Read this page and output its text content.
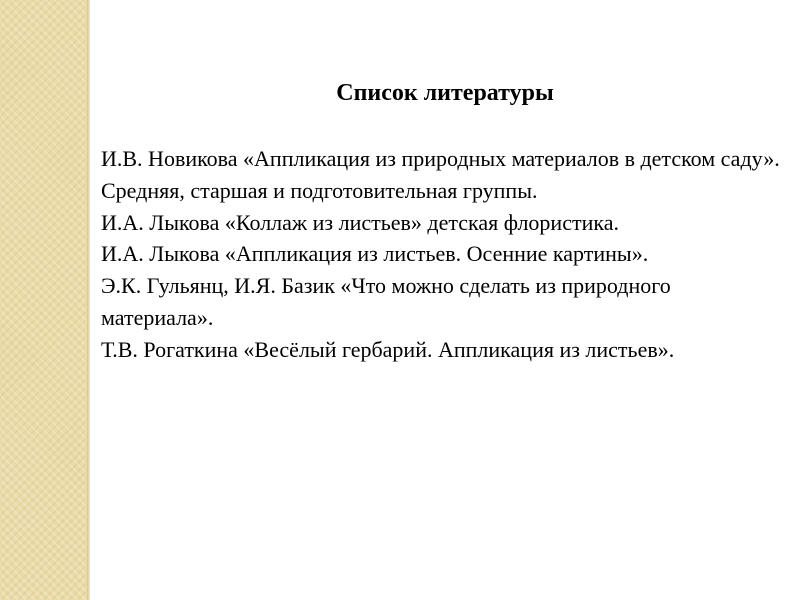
Список литературы
И.В. Новикова «Аппликация из природных материалов в детском саду». Средняя, старшая и подготовительная группы.
И.А. Лыкова «Коллаж из листьев» детская флористика.
И.А. Лыкова «Аппликация из листьев. Осенние картины».
Э.К. Гульянц, И.Я. Базик «Что можно сделать из природного материала».
Т.В. Рогаткина «Весёлый гербарий. Аппликация из листьев».
